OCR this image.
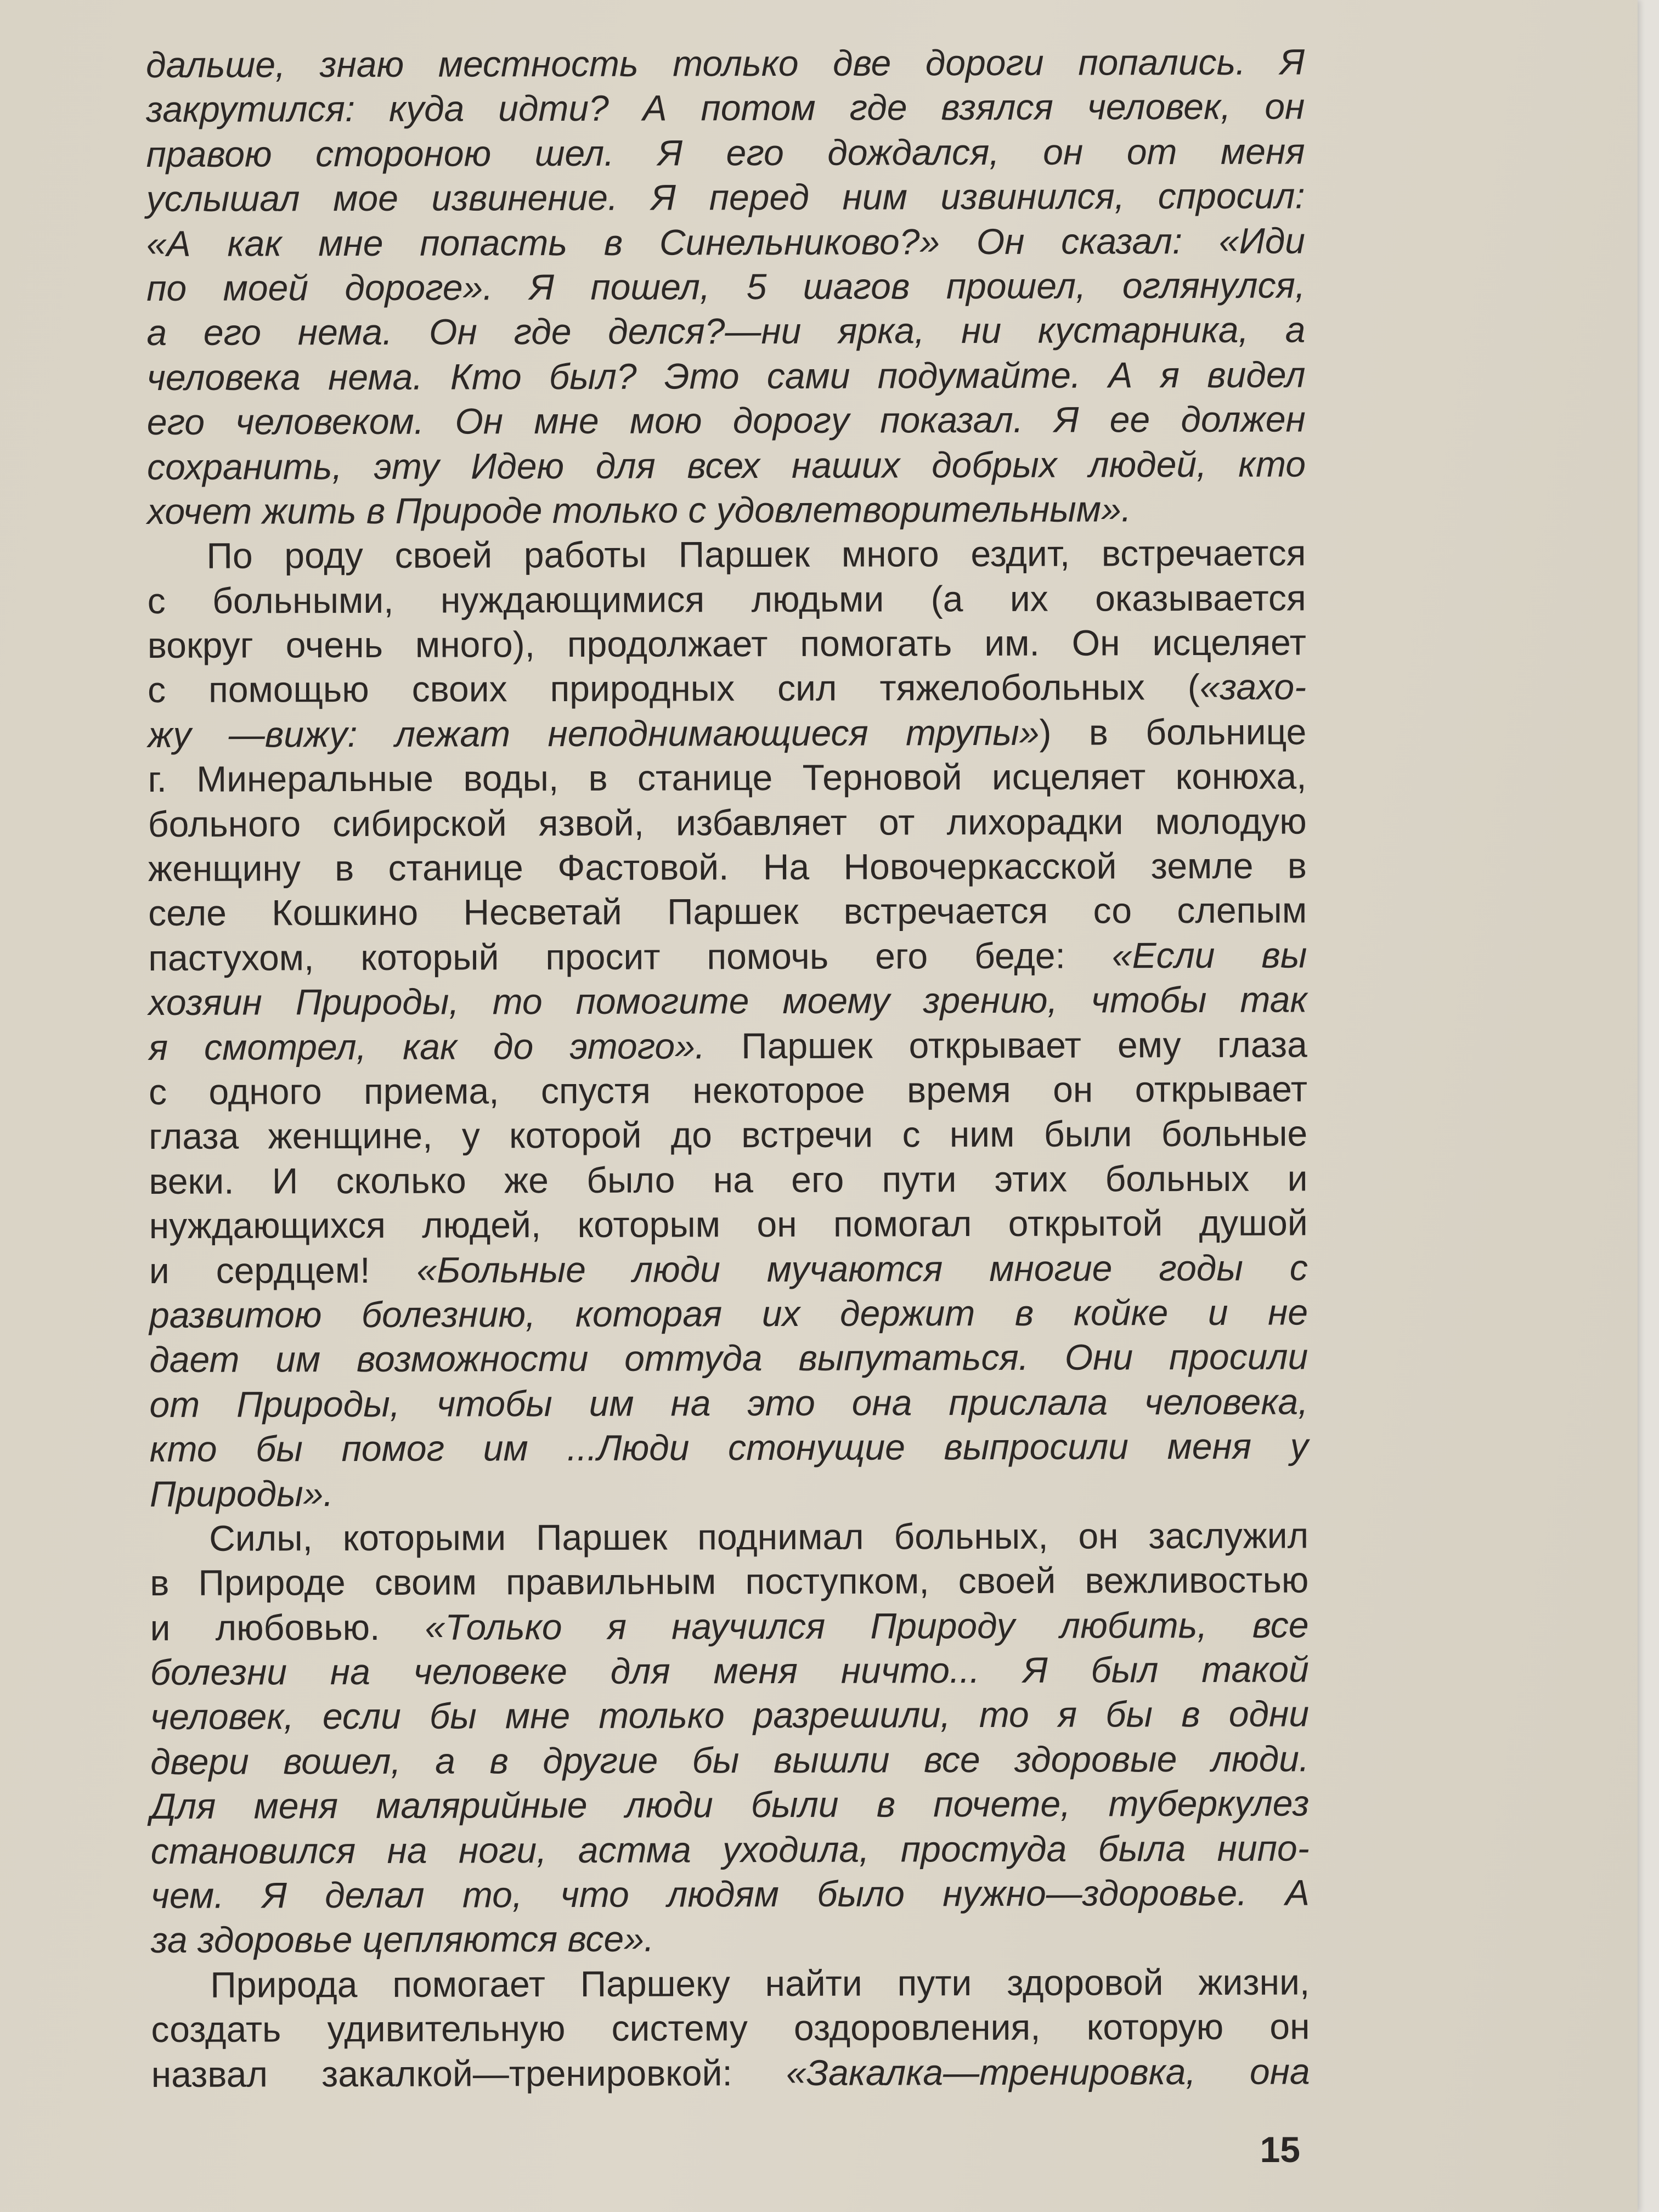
дальше, знаю местность только две дороги попались. Я
закрутился: куда идти? А потом где взялся человек, он
правою стороною шел. Я его дождался, он от меня
услышал мое извинение. Я перед ним извинился, спросил:
«А как мне попасть в Синельниково?» Он сказал: «Иди
по моей дороге». Я пошел, 5 шагов прошел, оглянулся,
а его нема. Он где делся?—ни ярка, ни кустарника, а
человека нема. Кто был? Это сами подумайте. А я видел
его человеком. Он мне мою дорогу показал. Я ее должен
сохранить, эту Идею для всех наших добрых людей, кто
хочет жить в Природе только с удовлетворительным».
По роду своей работы Паршек много ездит, встречается
с больными, нуждающимися людьми (а их оказывается
вокруг очень много), продолжает помогать им. Он исцеляет
с помощью своих природных сил тяжелобольных («захо-
жу —вижу: лежат неподнимающиеся трупы») в больнице
г. Минеральные воды, в станице Терновой исцеляет конюха,
больного сибирской язвой, избавляет от лихорадки молодую
женщину в станице Фастовой. На Новочеркасской земле в
селе Кошкино Несветай Паршек встречается со слепым
пастухом, который просит помочь его беде: «Если вы
хозяин Природы, то помогите моему зрению, чтобы так
я смотрел, как до этого». Паршек открывает ему глаза
с одного приема, спустя некоторое время он открывает
глаза женщине, у которой до встречи с ним были больные
веки. И сколько же было на его пути этих больных и
нуждающихся людей, которым он помогал открытой душой
и сердцем! «Больные люди мучаются многие годы с
развитою болезнию, которая их держит в койке и не
дает им возможности оттуда выпутаться. Они просили
от Природы, чтобы им на это она прислала человека,
кто бы помог им ...Люди стонущие выпросили меня у
Природы».
Силы, которыми Паршек поднимал больных, он заслужил
в Природе своим правильным поступком, своей вежливостью
и любовью. «Только я научился Природу любить, все
болезни на человеке для меня ничто... Я был такой
человек, если бы мне только разрешили, то я бы в одни
двери вошел, а в другие бы вышли все здоровые люди.
Для меня малярийные люди были в почете, туберкулез
становился на ноги, астма уходила, простуда была нипо-
чем. Я делал то, что людям было нужно—здоровье. А
за здоровье цепляются все».
Природа помогает Паршеку найти пути здоровой жизни,
создать удивительную систему оздоровления, которую он
назвал закалкой—тренировкой: «Закалка—тренировка, она
15
